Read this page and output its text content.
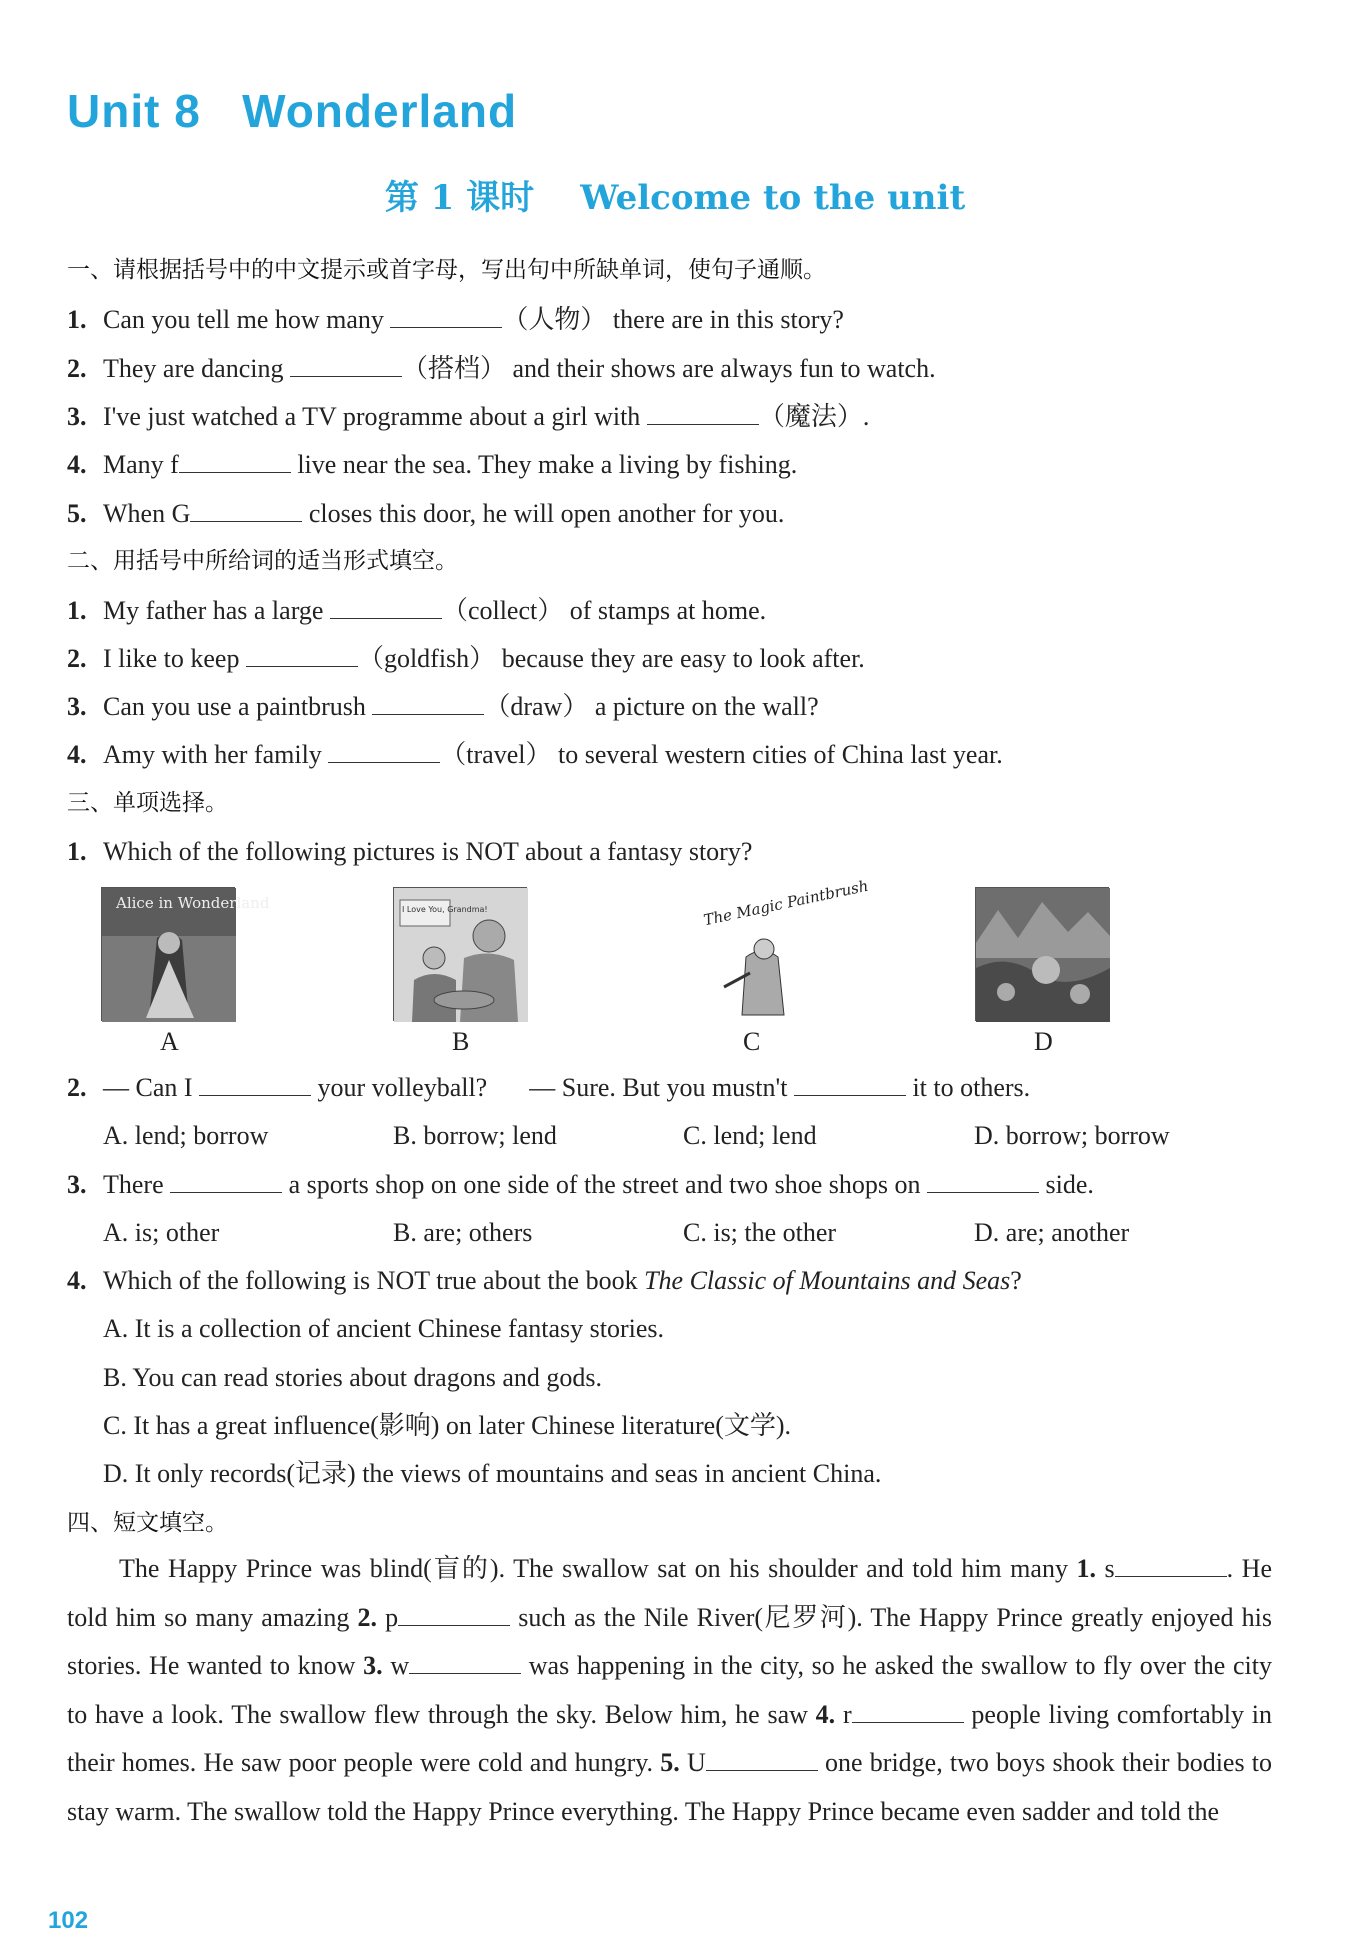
Unit 8   Wonderland
第 1 课时 Welcome to the unit
一、请根据括号中的中文提示或首字母，写出句中所缺单词，使句子通顺。
1. Can you tell me how many	（人物） there are in this story?
2. They are dancing	（搭档） and their shows are always fun to watch.
3. I've just watched a TV programme about a girl with	（魔法）.
4. Many f	live near the sea. They make a living by fishing.
5. When G	closes this door, he will open another for you.
二、用括号中所给词的适当形式填空。
1. My father has a large	（collect） of stamps at home.
2. I like to keep	（goldfish） because they are easy to look after.
3. Can you use a paintbrush	（draw） a picture on the wall?
4. Amy with her family	（travel） to several western cities of China last year.
三、单项选择。
1. Which of the following pictures is NOT about a fantasy story?
Alice in Wonderland	I Love You, Grandma!	The Magic Paintbrush
A	B	C	D
2. — Can I	your volleyball? — Sure. But you mustn't	it to others.
A. lend; borrow	B. borrow; lend	C. lend; lend	D. borrow; borrow
3. There	a sports shop on one side of the street and two shoe shops on	side.
A. is; other	B. are; others	C. is; the other	D. are; another
4. Which of the following is NOT true about the book The Classic of Mountains and Seas?
A. It is a collection of ancient Chinese fantasy stories.
B. You can read stories about dragons and gods.
C. It has a great influence(影响) on later Chinese literature(文学).
D. It only records(记录) the views of mountains and seas in ancient China.
四、短文填空。
The Happy Prince was blind(盲的). The swallow sat on his shoulder and told him many 1. s	. He told him so many amazing 2. p	such as the Nile River(尼罗河). The Happy Prince greatly enjoyed his stories. He wanted to know 3. w	was happening in the city, so he asked the swallow to fly over the city to have a look. The swallow flew through the sky. Below him, he saw 4. r	people living comfortably in their homes. He saw poor people were cold and hungry. 5. U	one bridge, two boys shook their bodies to stay warm. The swallow told the Happy Prince everything. The Happy Prince became even sadder and told the
102
